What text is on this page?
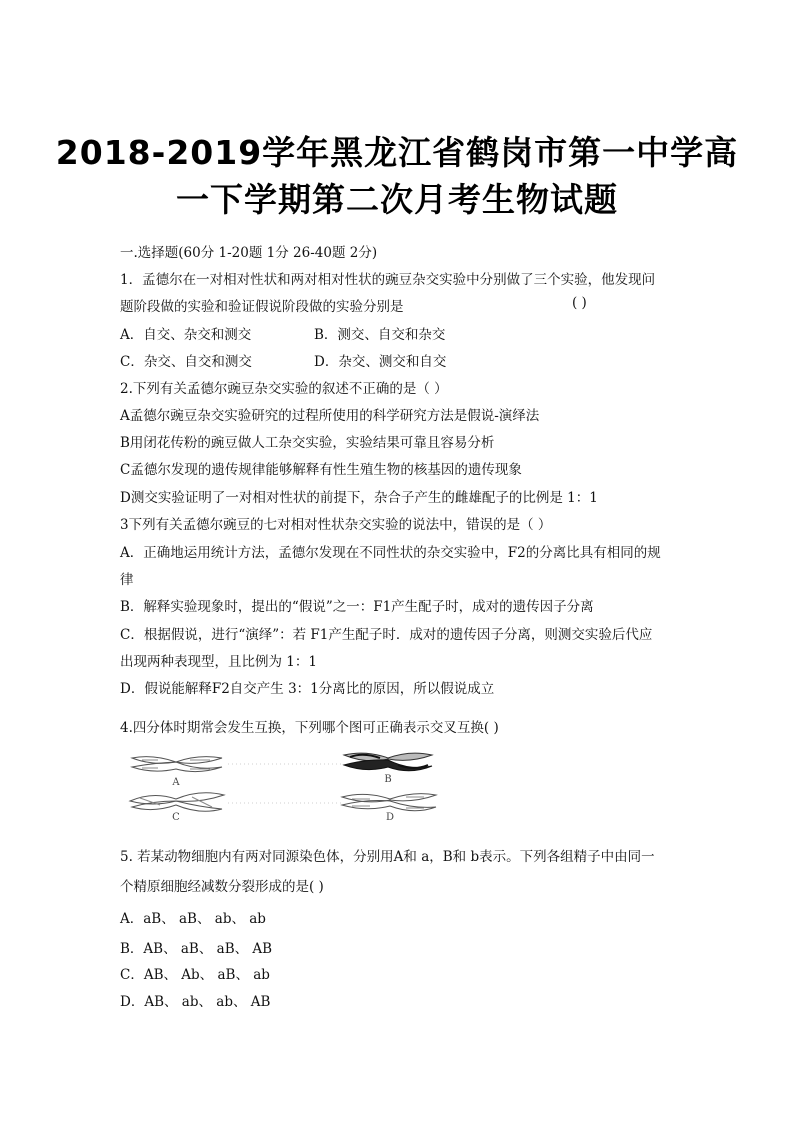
2018-2019学年黑龙江省鹤岗市第一中学高
一下学期第二次月考生物试题
一.选择题(60分 1-20题 1分 26-40题 2分)
1．孟德尔在一对相对性状和两对相对性状的豌豆杂交实验中分别做了三个实验，他发现问
题阶段做的实验和验证假说阶段做的实验分别是	( )
A．自交、杂交和测交	B．测交、自交和杂交
C．杂交、自交和测交	D．杂交、测交和自交
2.下列有关孟德尔豌豆杂交实验的叙述不正确的是（ ）
A孟德尔豌豆杂交实验研究的过程所使用的科学研究方法是假说-演绎法
B用闭花传粉的豌豆做人工杂交实验，实验结果可靠且容易分析
C孟德尔发现的遗传规律能够解释有性生殖生物的核基因的遗传现象
D测交实验证明了一对相对性状的前提下，杂合子产生的雌雄配子的比例是 1：1
3下列有关孟德尔豌豆的七对相对性状杂交实验的说法中，错误的是（ ）
A．正确地运用统计方法，孟德尔发现在不同性状的杂交实验中，F2的分离比具有相同的规
律
B．解释实验现象时，提出的“假说”之一：F1产生配子时，成对的遗传因子分离
C．根据假说，进行“演绎”：若 F1产生配子时．成对的遗传因子分离，则测交实验后代应
出现两种表现型，且比例为 1：1
D．假说能解释F2自交产生 3：1分离比的原因，所以假说成立
4.四分体时期常会发生互换，下列哪个图可正确表示交叉互换( )
A	B
C	D
5. 若某动物细胞内有两对同源染色体，分别用A和 a，B和 b表示。下列各组精子中由同一
个精原细胞经减数分裂形成的是( )
A．aB、 aB、 ab、 ab
B．AB、 aB、 aB、 AB
C．AB、 Ab、 aB、 ab
D．AB、 ab、 ab、 AB
